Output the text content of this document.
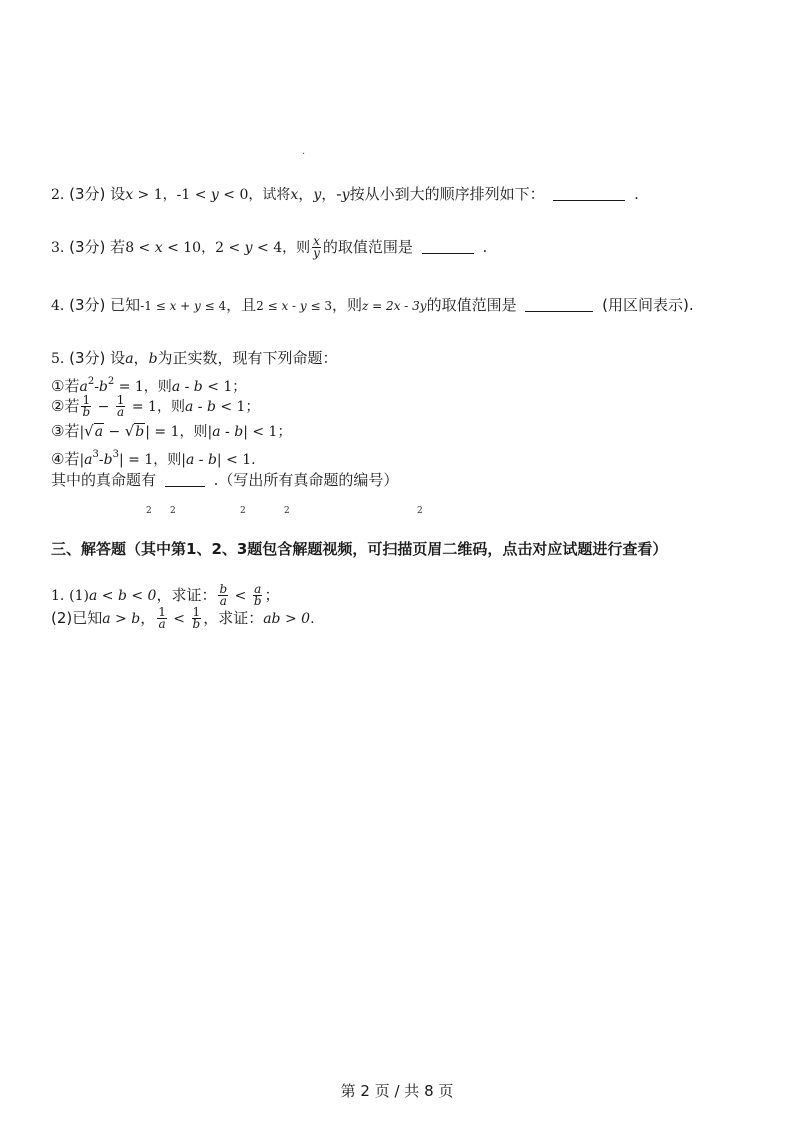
.
2. (3分) 设x > 1，-1 < y < 0，试将x，y，-y按从小到大的顺序排列如下：	.
3. (3分) 若8 < x < 10，2 < y < 4，则 $\frac{x}{y}$ 的取值范围是	.
4. (3分) 已知-1 ≤ x + y ≤ 4，且2 ≤ x - y ≤ 3，则z = 2x - 3y的取值范围是	(用区间表示).
5. (3分) 设a，b为正实数，现有下列命题：
①若$a^2-b^2 = 1$，则a - b < 1；
②若 $\frac{1}{b} - \frac{1}{a} = 1$，则a - b < 1；
③若|√a − √b| = 1，则|a - b| < 1；
④若$|a^3-b^3| = 1$，则|a - b| < 1.
其中的真命题有	.（写出所有真命题的编号）
2 2	2	2	2
三、解答题（其中第1、2、3题包含解题视频，可扫描页眉二维码，点击对应试题进行查看）
1. (1)a < b < 0，求证： $\frac{b}{a} < \frac{a}{b}$ ；
(2)已知a > b， $\frac{1}{a} < \frac{1}{b}$ ，求证：ab > 0.
第 2 页 / 共 8 页
